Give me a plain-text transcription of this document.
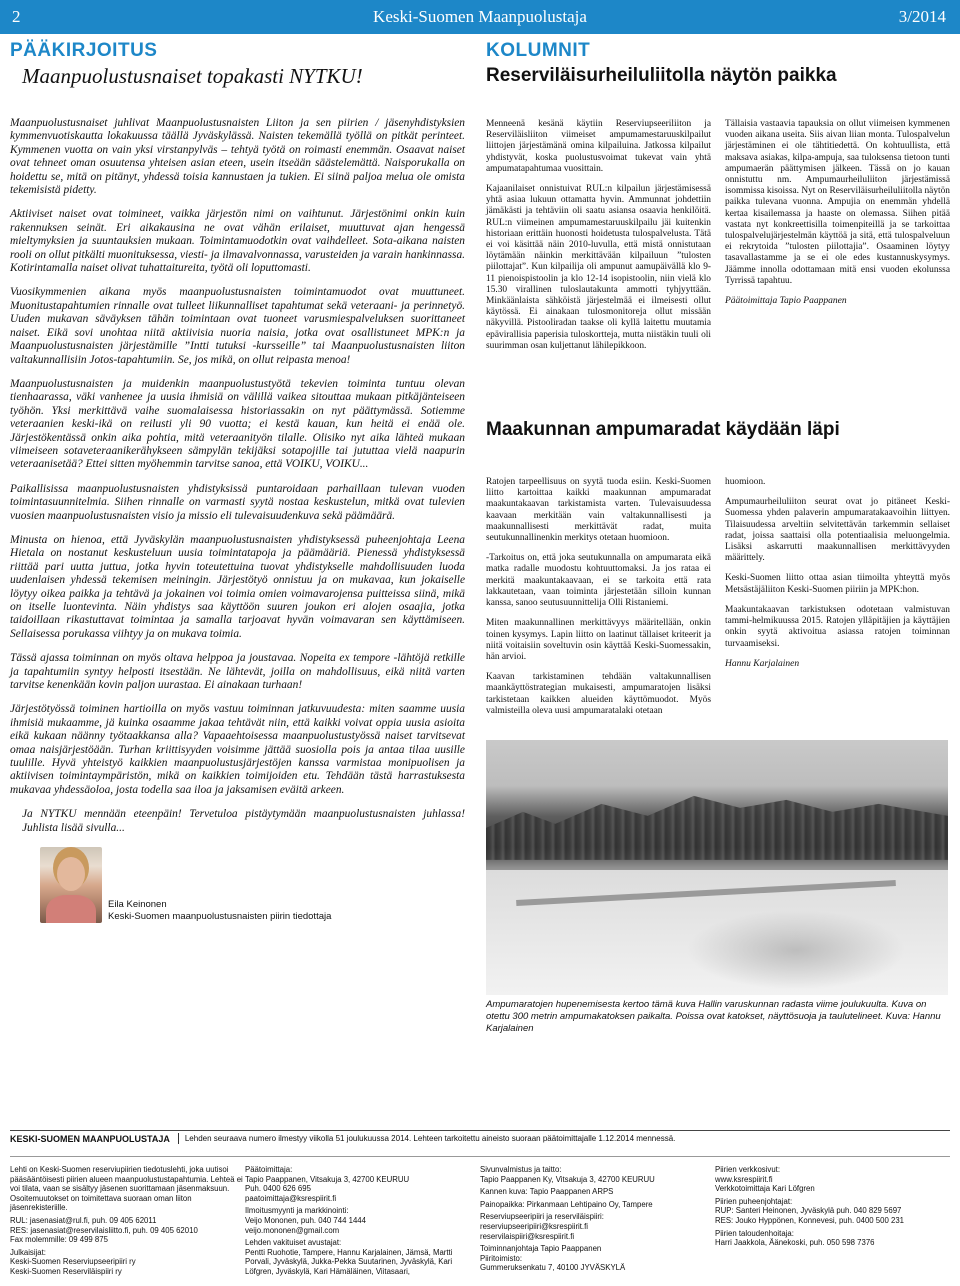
2	Keski-Suomen Maanpuolustaja	3/2014
PÄÄKIRJOITUS
Maanpuolustusnaiset topakasti NYTKU!

Maanpuolustusnaiset juhlivat Maanpuolustusnaisten Liiton ja sen piirien / jäsenyhdistyksien kymmenvuotiskautta lokakuussa täällä Jyväskylässä. Naisten tekemällä työllä on pitkät perinteet. Kymmenen vuotta on vain yksi virstanpylväs – tehtyä työtä on roimasti enemmän. Osaavat naiset ovat tehneet oman osuutensa yhteisen asian eteen, usein itseään säästelemättä. Naisporukalla on hoidettu se, mitä on pitänyt, yhdessä toisia kannustaen ja tukien. Ei siinä paljoa melua ole omista tekemisistä pidetty.

Aktiiviset naiset ovat toimineet, vaikka järjestön nimi on vaihtunut. Järjestönimi onkin kuin rakennuksen seinät. Eri aikakausina ne ovat vähän erilaiset, muuttuvat ajan hengessä mieltymyksien ja suuntauksien mukaan. Toimintamuodotkin ovat vaihdelleet. Sota-aikana naisten rooli on ollut pitkälti muonituksessa, viesti- ja ilmavalvonnassa, varusteiden ja varain hankinnassa. Kotirintamalla naiset olivat tuhattaitureita, työtä oli loputtomasti.

Vuosikymmenien aikana myös maanpuolustusnaisten toimintamuodot ovat muuttuneet. Muonitustapahtumien rinnalle ovat tulleet liikunnalliset tapahtumat sekä veteraani- ja perinnetyö. Uuden mukavan säväyksen tähän toimintaan ovat tuoneet varusmiespalveluksen suorittaneet naiset. Eikä sovi unohtaa niitä aktiivisia nuoria naisia, jotka ovat osallistuneet MPK:n ja Maanpuolustusnaisten järjestämille ”Intti tutuksi -kursseille” tai Maanpuolustusnaisten liiton valtakunnallisiin Jotos-tapahtumiin. Se, jos mikä, on ollut reipasta menoa!

Maanpuolustusnaisten ja muidenkin maanpuolustustyötä tekevien toiminta tuntuu olevan tienhaarassa, väki vanhenee ja uusia ihmisiä on välillä vaikea sitouttaa mukaan pitkäjänteiseen työhön. Yksi merkittävä vaihe suomalaisessa historiassakin on nyt päättymässä. Sotiemme veteraanien keski-ikä on reilusti yli 90 vuotta; ei kestä kauan, kun heitä ei enää ole. Järjestökentässä onkin aika pohtia, mitä veteraanityön tilalle. Olisiko nyt aika lähteä mukaan viimeiseen sotaveteraanikerähykseen sämpylän tekijäksi sotapojille tai jututtaa vielä naapurin veteraanisetää? Ettei sitten myöhemmin tarvitse sanoa, että VOIKU, VOIKU...

Paikallisissa maanpuolustusnaisten yhdistyksissä puntaroidaan parhaillaan tulevan vuoden toimintasuunnitelmia. Siihen rinnalle on varmasti syytä nostaa keskustelun, mitkä ovat tulevien vuosien maanpuolustusnaisten visio ja missio eli tulevaisuudenkuva sekä päämäärä.

Minusta on hienoa, että Jyväskylän maanpuolustusnaisten yhdistyksessä puheenjohtaja Leena Hietala on nostanut keskusteluun uusia toimintatapoja ja päämääriä. Pienessä yhdistyksessä riittää pari uutta juttua, jotka hyvin toteutettuina tuovat yhdistykselle mahdollisuuden luoda uudenlaisen yhdessä tekemisen meiningin. Järjestötyö onnistuu ja on mukavaa, kun jokaiselle löytyy oikea paikka ja tehtävä ja jokainen voi toimia omien voimavarojensa puitteissa siinä, mikä on itselle luontevinta. Näin yhdistys saa käyttöön suuren joukon eri alojen osaajia, jotka taidoillaan rikastuttavat toimintaa ja samalla tarjoavat hyvän voimavaran sen käyttämiseen. Sellaisessa porukassa viihtyy ja on mukava toimia.

Tässä ajassa toiminnan on myös oltava helppoa ja joustavaa. Nopeita ex tempore -lähtöjä retkille ja tapahtumiin syntyy helposti itsestään. Ne lähtevät, joilla on mahdollisuus, eikä niitä varten tarvitse kenenkään kovin paljon uurastaa. Ei ainakaan turhaan!

Järjestötyössä toiminen hartioilla on myös vastuu toiminnan jatkuvuudesta: miten saamme uusia ihmisiä mukaamme, jä kuinka osaamme jakaa tehtävät niin, että kaikki voivat oppia uusia asioita eikä kukaan näänny työtaakkansa alla? Vapaaehtoisessa maanpuolustustyössä naiset tarvitsevat omaa naisjärjestöään. Turhan kriittisyyden voisimme jättää suosiolla pois ja antaa tilaa uusille tuulille. Hyvä yhteistyö kaikkien maanpuolustusjärjestöjen kanssa varmistaa monipuolisen ja aktiivisen toimintaympäristön, mikä on kaikkien toimijoiden etu. Tehdään tästä harrastuksesta mukavaa yhdessäoloa, josta todella saa iloa ja jaksamisen eväitä arkeen.

Ja NYTKU mennään eteenpäin! Tervetuloa pistäytymään maanpuolustusnaisten juhlassa! Juhlista lisää sivulla...

Eila Keinonen
Keski-Suomen maanpuolustusnaisten piirin tiedottaja
KOLUMNIT
Reserviläisurheiluliitolla näytön paikka

Menneenä kesänä käytiin Reserviupseeriliiton ja Reserviläisliiton viimeiset ampumamestaruuskilpailut liittojen järjestämänä omina kilpailuina. Jatkossa kilpailut yhdistyvät, koska puolustusvoimat tukevat vain yhtä ampumatapahtumaa vuosittain.

Kajaanilaiset onnistuivat RUL:n kilpailun järjestämisessä yhtä asiaa lukuun ottamatta hyvin. Ammunnat johdettiin jämäkästi ja tehtäviin oli saatu asiansa osaavia henkilöitä. RUL:n viimeinen ampumamestaruuskilpailu jäi kuitenkin historiaan erittäin huonosti hoidetusta tulospalvelusta. Tätä ei voi käsittää näin 2010-luvulla, että mistä onnistutaan löytämään näinkin merkittävään kilpailuun ”tulosten piilottajat”. Kun kilpailija oli ampunut aamupäivällä klo 9-11 pienoispistoolin ja klo 12-14 isopistoolin, niin vielä klo 15.30 virallinen tuloslautakunta ammotti tyhjyyttään. Minkäänlaista sähköistä järjestelmää ei ilmeisesti ollut käytössä. Ei ainakaan tulosmonitoreja ollut missään näkyvillä. Pistooliradan taakse oli kyllä laitettu muutamia epävirallisia paperisia tuloskortteja, mutta niistäkin tuuli oli suurimman osan kuljettanut lähilepikkoon.

Tällaisia vastaavia tapauksia on ollut viimeisen kymmenen vuoden aikana useita. Siis aivan liian monta. Tulospalvelun järjestäminen ei ole tähtitiedettä. On kohtuullista, että maksava asiakas, kilpa-ampuja, saa tuloksensa tietoon tunti ampumaerän päättymisen jälkeen. Tässä on jo kauan onnistuttu nm. Ampumaurheiluliiton järjestämissä isommissa kisoissa. Nyt on Reserviläisurheiluliitolla näytön paikka tulevana vuonna. Ampujia on enemmän yhdellä kertaa kisailemassa ja haaste on olemassa. Siihen pitää vastata nyt konkreettisilla toimenpiteillä ja se tarkoittaa tulospalvelujärjestelmän käyttöä ja sitä, että tulospalveluun ei rekrytoida ”tulosten piilottajia”. Osaaminen löytyy tasavallastamme ja se ei ole edes kustannuskysymys. Jäämme innolla odottamaan mitä ensi vuoden ekolunssa Tyrrissä tapahtuu.

Päätoimittaja Tapio Paappanen

Maakunnan ampumaradat käydään läpi

Ratojen tarpeellisuus on syytä tuoda esiin. Keski-Suomen liitto kartoittaa kaikki maakunnan ampumaradat maakuntakaavan tarkistamista varten. Tulevaisuudessa kaavaan merkitään vain valtakunnallisesti ja maakunnallisesti merkittävät radat, muita seutukunnallinenkin merkitys otetaan huomioon.

-Tarkoitus on, että joka seutukunnalla on ampumarata eikä matka radalle muodostu kohtuuttomaksi. Ja jos rataa ei merkitä maakuntakaavaan, ei se tarkoita että rata lakkautetaan, vaan toiminta järjestetään silloin kunnan kanssa, sanoo seutusuunnittelija Olli Ristaniemi.

Miten maakunnallinen merkittävyys määritellään, onkin toinen kysymys. Lapin liitto on laatinut tällaiset kriteerit ja niitä voitaisiin soveltuvin osin käyttää Keski-Suomessakin, hän arvioi.

Kaavan tarkistaminen tehdään valtakunnallisen maankäyttöstrategian mukaisesti, ampumaratojen lisäksi tarkistetaan kaikken alueiden käyttömuodot. Myös valmisteilla oleva uusi ampumaratalaki otetaan

huomioon.

Ampumaurheiluliiton seurat ovat jo pitäneet Keski-Suomessa yhden palaverin ampumaratakaavoihin liittyen. Tilaisuudessa arveltiin selvitettävän tarkemmin sellaiset radat, joissa saattaisi olla potentiaalisia meluongelmia. Lisäksi askarrutti maakunnallisen merkittävyyden määrittely.

Keski-Suomen liitto ottaa asian tiimoilta yhteyttä myös Metsästäjäliiton Keski-Suomen piiriin ja MPK:hon.

Maakuntakaavan tarkistuksen odotetaan valmistuvan tammi-helmikuussa 2015. Ratojen ylläpitäjien ja käyttäjien onkin syytä aktivoitua asiassa ratojen toiminnan turvaamiseksi.

Hannu Karjalainen

Ampumaratojen hupenemisesta kertoo tämä kuva Hallin varuskunnan radasta viime joulukuulta. Kuva on otettu 300 metrin ampumakatoksen paikalta. Poissa ovat katokset, näyttösuoja ja taulutelineet. Kuva: Hannu Karjalainen
KESKI-SUOMEN MAANPUOLUSTAJA Lehden seuraava numero ilmestyy viikolla 51 joulukuussa 2014. Lehteen tarkoitettu aineisto suoraan päätoimittajalle 1.12.2014 mennessä.

Lehti on Keski-Suomen reserviupiirien tiedotuslehti, joka uutisoi pääsääntöisesti piirien alueen maanpuolustustapahtumia. Lehteä ei voi tilata, vaan se sisältyy jäsenen suorittamaan jäsenmaksuun. Osoitemuutokset on toimitettava suoraan oman liiton jäsenrekisteriille.

RUL: jasenasiat@rul.fi, puh. 09 405 62011

RES: jasenasiat@reservilaisliitto.fi, puh. 09 405 62010

Fax molemmille: 09 499 875

Julkaisijat:

Keski-Suomen Reserviupseeripiiri ry

Keski-Suomen Reserviläispiiri ry

Päätoimittaja:

Tapio Paappanen, Vitsakuja 3, 42700 KEURUU

Puh. 0400 626 695

paatoimittaja@ksrespiirit.fi

Ilmoitusmyynti ja markkinointi:

Veijo Mononen, puh. 040 744 1444

veijo.mononen@gmail.com

Lehden vakituiset avustajat:

Pentti Ruohotie, Tampere, Hannu Karjalainen, Jämsä, Martti Porvali, Jyväskylä, Jukka-Pekka Suutarinen, Jyväskylä, Kari Löfgren, Jyväskylä, Kari Hämäläinen, Viitasaari,

Sivunvalmistus ja taitto:

Tapio Paappanen Ky, Vitsakuja 3, 42700 KEURUU

Kannen kuva: Tapio Paappanen ARPS

Painopaikka: Pirkanmaan Lehtipaino Oy, Tampere

Reserviupseeripiiri ja reserviläispiiri:

reserviupseeripiiri@ksrespiirit.fi

reservilaispiiri@ksrespiirit.fi

Toiminnanjohtaja Tapio Paappanen

Piiritoimisto:

Gummeruksenkatu 7, 40100 JYVÄSKYLÄ

Piirien verkkosivut:

www.ksrespiirit.fi

Verkkotoimittaja Kari Löfgren

Piirien puheenjohtajat:

RUP: Santeri Heinonen, Jyväskylä puh. 040 829 5697

RES: Jouko Hyppönen, Konnevesi, puh. 0400 500 231

Piirien taloudenhoitaja:

Harri Jaakkola, Äänekoski, puh. 050 598 7376
